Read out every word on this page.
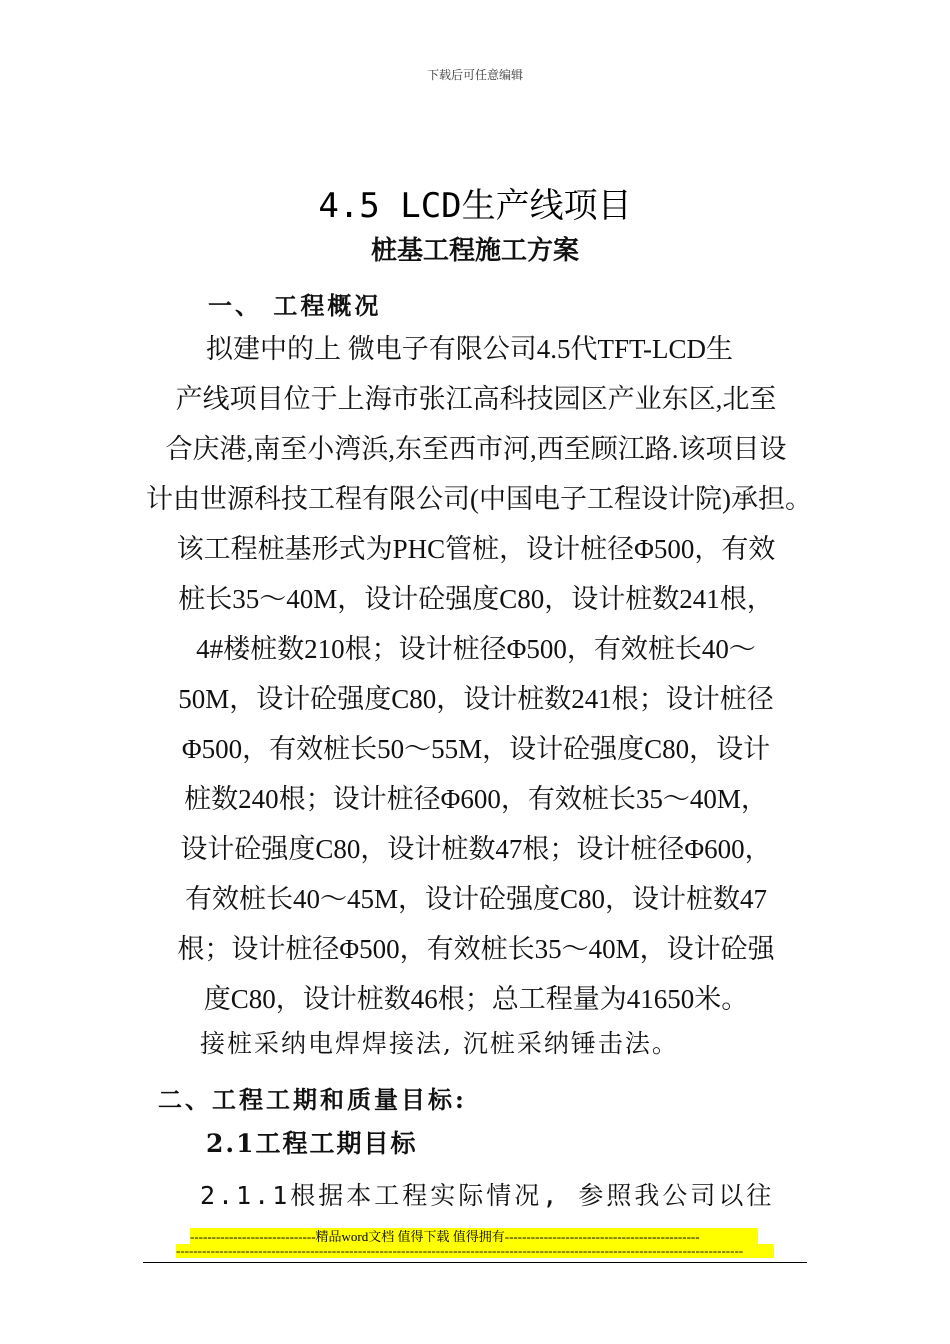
下载后可任意编辑
4.5 LCD生产线项目
桩基工程施工方案
一、 工程概况
拟建中的上 微电子有限公司4.5代TFT-LCD生
产线项目位于上海市张江高科技园区产业东区,北至
合庆港,南至小湾浜,东至西市河,西至顾江路.该项目设
计由世源科技工程有限公司(中国电子工程设计院)承担。
该工程桩基形式为PHC管桩，设计桩径Φ500，有效
桩长35～40M，设计砼强度C80，设计桩数241根，
4#楼桩数210根；设计桩径Φ500，有效桩长40～
50M，设计砼强度C80，设计桩数241根；设计桩径
Φ500，有效桩长50～55M，设计砼强度C80，设计
桩数240根；设计桩径Φ600，有效桩长35～40M，
设计砼强度C80，设计桩数47根；设计桩径Φ600，
有效桩长40～45M，设计砼强度C80，设计桩数47
根；设计桩径Φ500，有效桩长35～40M，设计砼强
度C80，设计桩数46根；总工程量为41650米。
接桩采纳电焊焊接法, 沉桩采纳锤击法。
二、工程工期和质量目标:
2.1工程工期目标
2.1.1根据本工程实际情况, 参照我公司以往
-----------------------------精品word文档 值得下载 值得拥有---------------------------------------------
-----------------------------------------------------------------------------------------------------------------------------------
